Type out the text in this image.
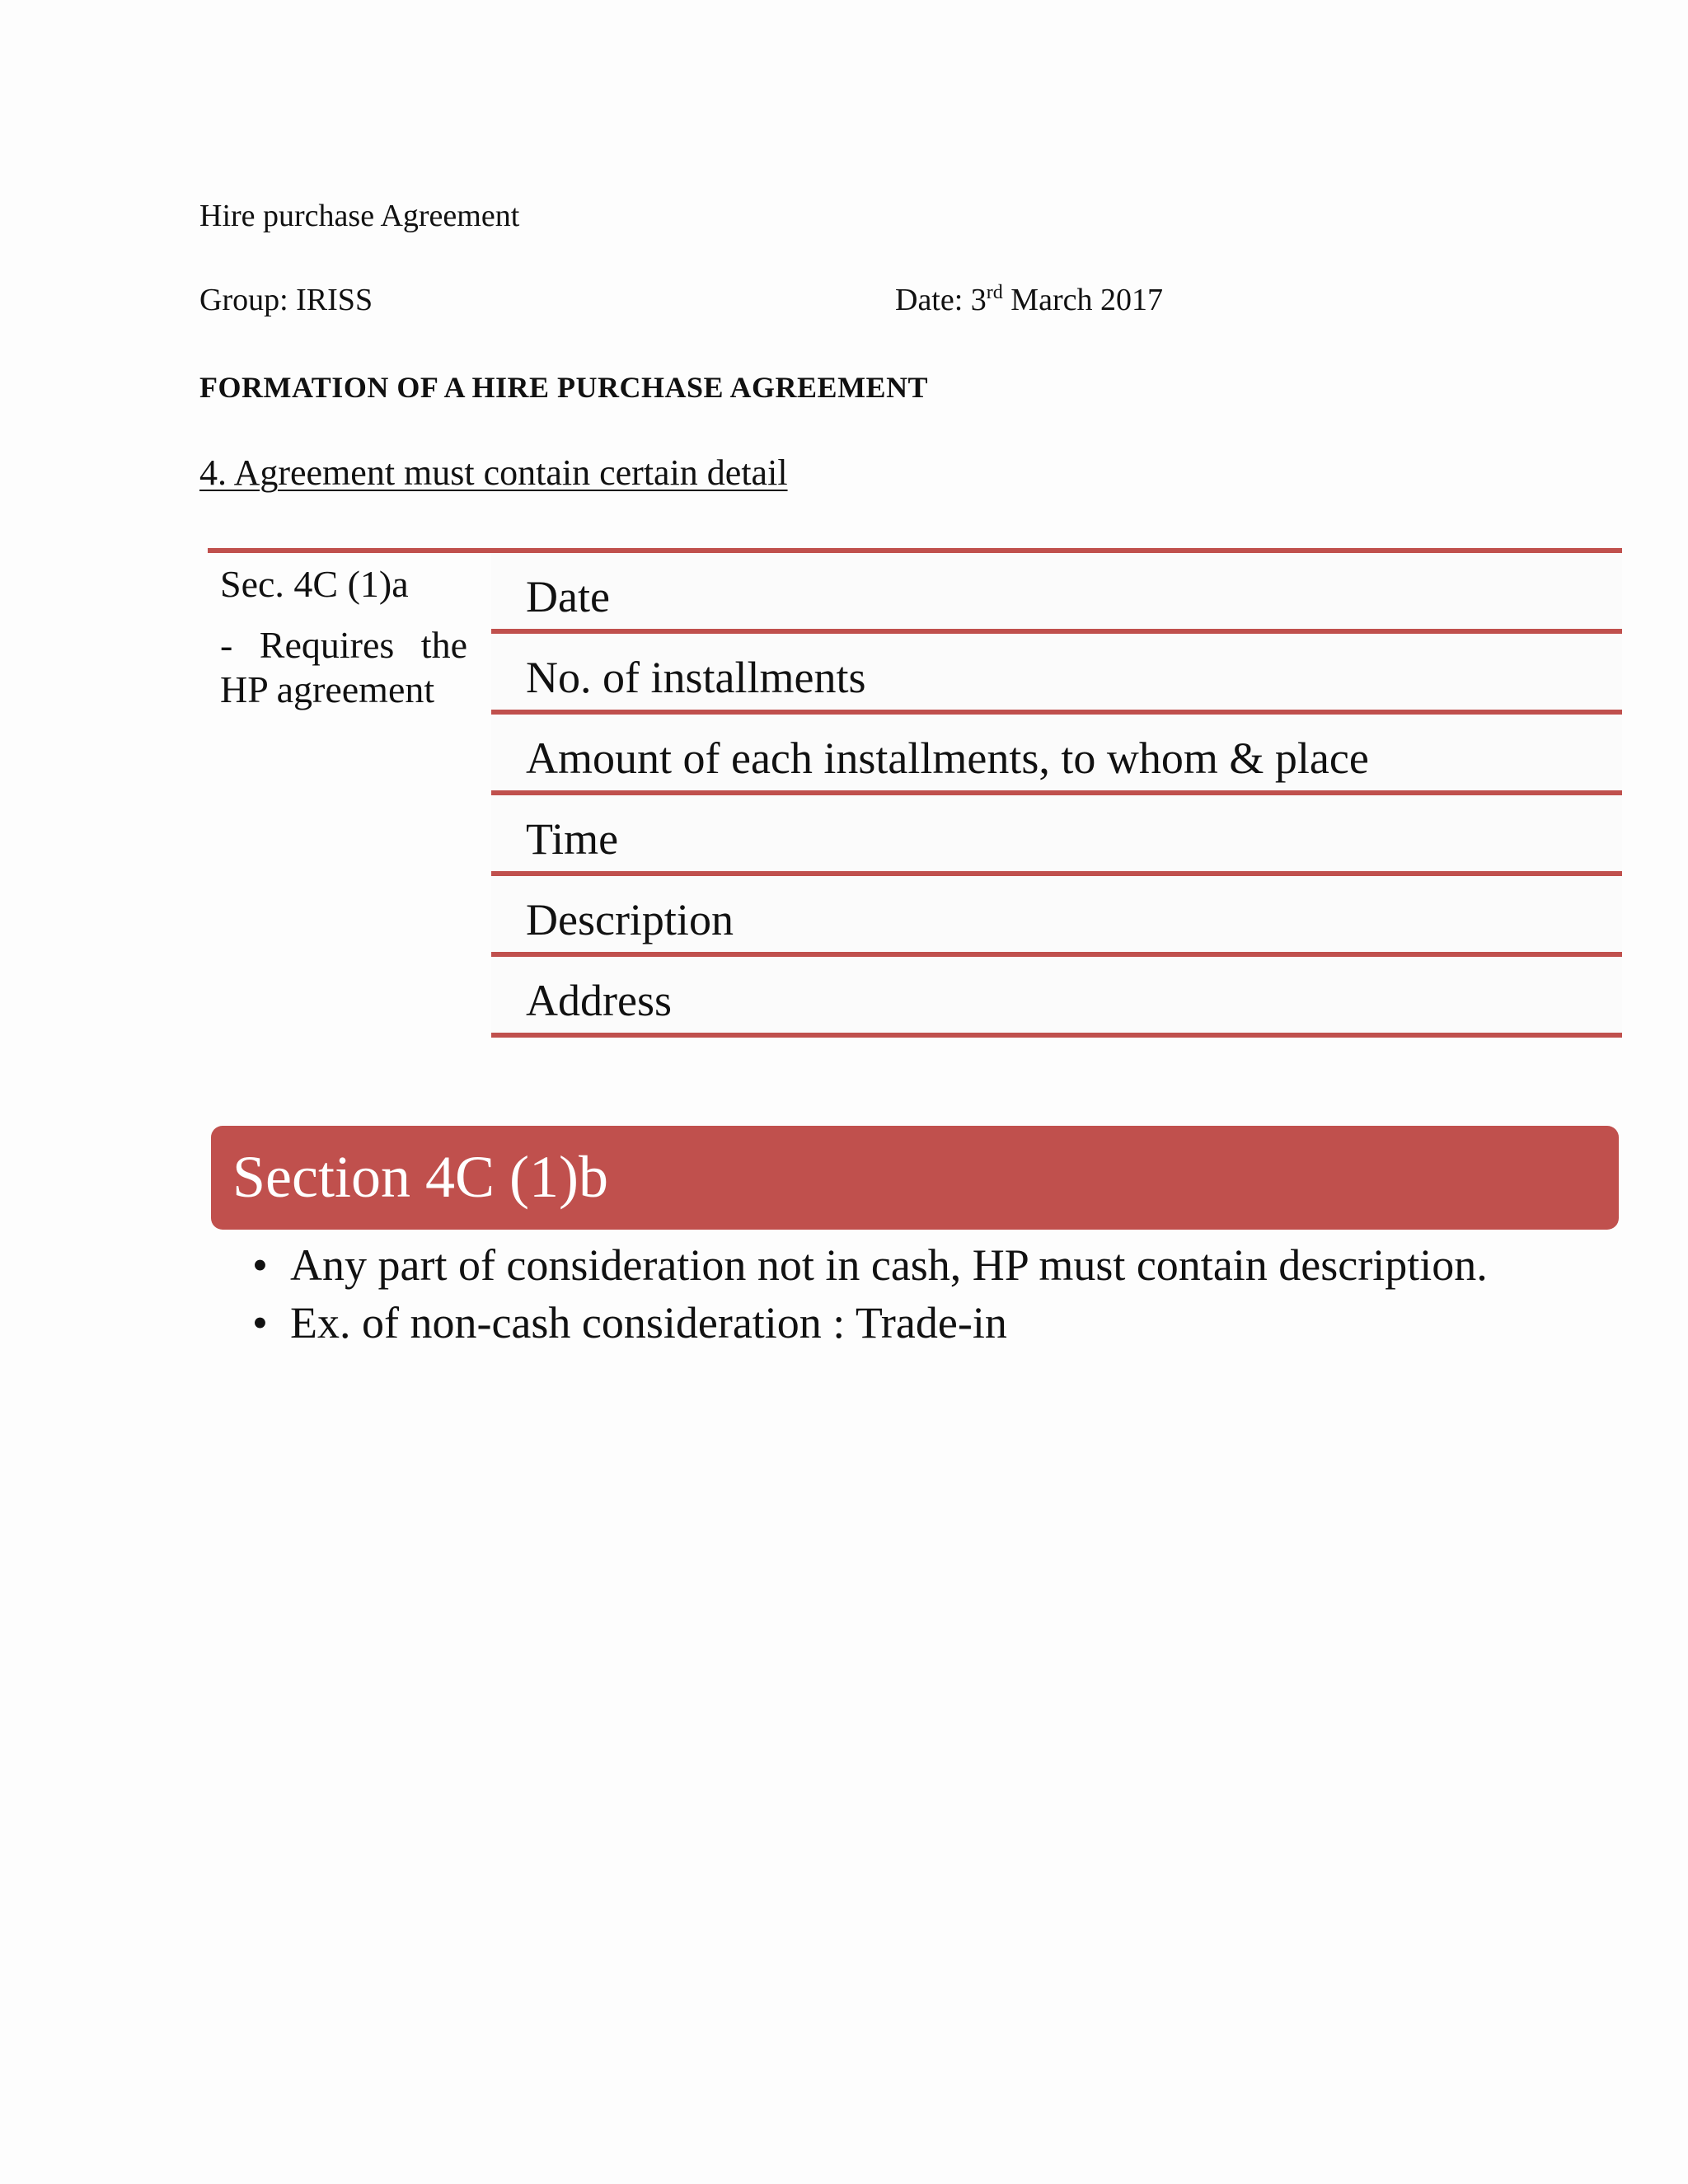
Hire purchase Agreement
Group: IRISS	Date: 3rd March 2017
FORMATION OF A HIRE PURCHASE AGREEMENT
4. Agreement must contain certain detail
Sec. 4C (1)a
- Requires the HP agreement
Date
No. of installments
Amount of each installments, to whom & place
Time
Description
Address
Section 4C (1)b
• Any part of consideration not in cash, HP must contain description.
• Ex. of non-cash consideration : Trade-in
